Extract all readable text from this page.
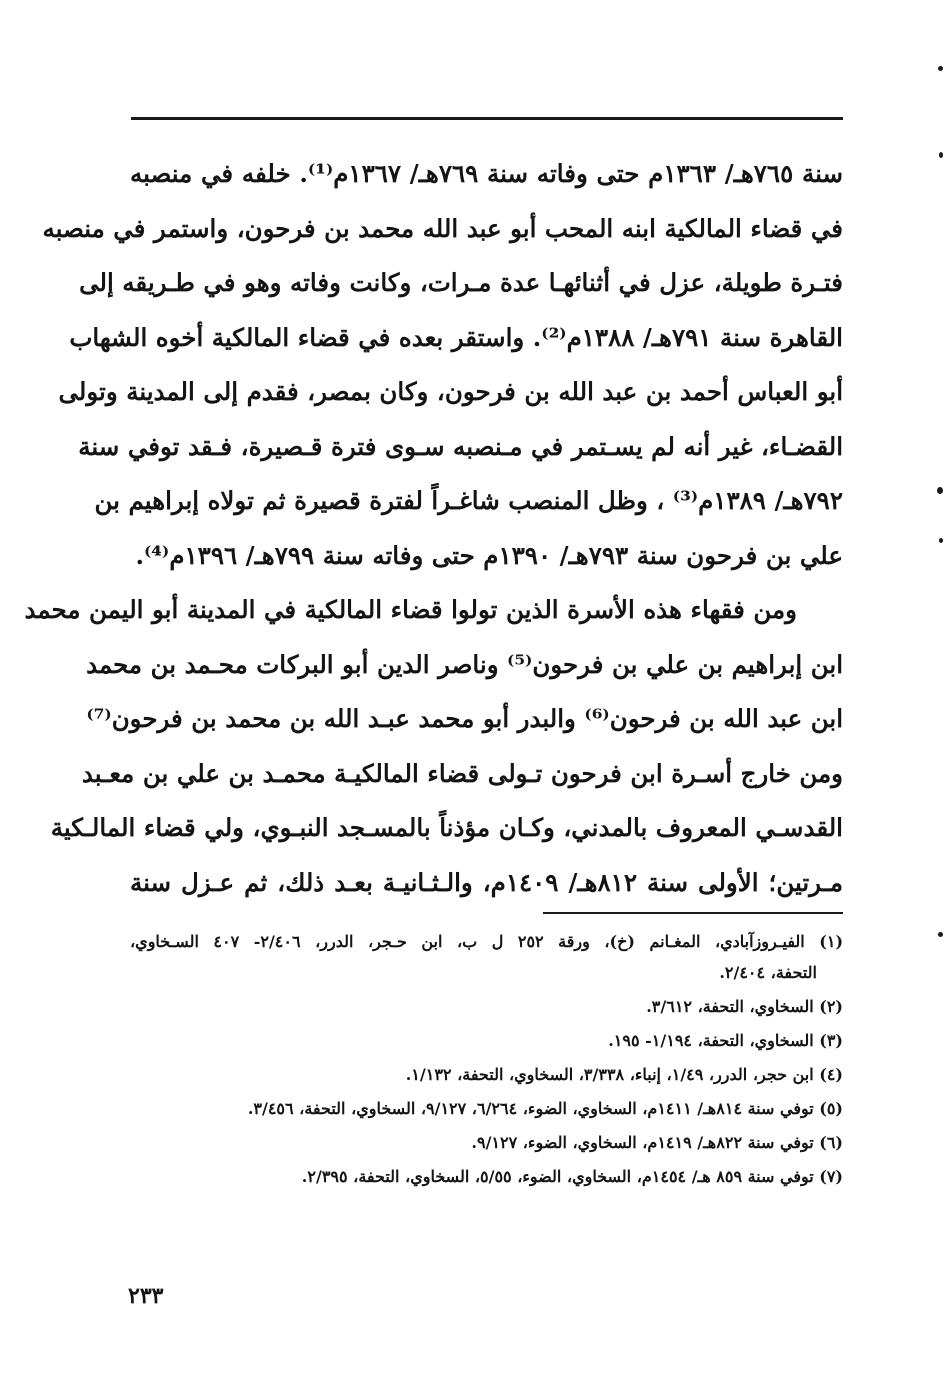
سنة ٧٦٥هـ/ ١٣٦٣م حتى وفاته سنة ٧٦٩هـ/ ١٣٦٧م⁽¹⁾. خلفه في منصبه
في قضاء المالكية ابنه المحب أبو عبد الله محمد بن فرحون، واستمر في منصبه
فتـرة طويلة، عزل في أثنائهـا عدة مـرات، وكانت وفاته وهو في طـريقه إلى
القاهرة سنة ٧٩١هـ/ ١٣٨٨م⁽²⁾. واستقر بعده في قضاء المالكية أخوه الشهاب
أبو العباس أحمد بن عبد الله بن فرحون، وكان بمصر، فقدم إلى المدينة وتولى
القضـاء، غير أنه لم يسـتمر في مـنصبه سـوى فترة قـصيرة، فـقد توفي سنة
٧٩٢هـ/ ١٣٨٩م⁽³⁾ ، وظل المنصب شاغـراً لفترة قصيرة ثم تولاه إبراهيم بن
علي بن فرحون سنة ٧٩٣هـ/ ١٣٩٠م حتى وفاته سنة ٧٩٩هـ/ ١٣٩٦م⁽⁴⁾.
ومن فقهاء هذه الأسرة الذين تولوا قضاء المالكية في المدينة أبو اليمن محمد
ابن إبراهيم بن علي بن فرحون⁽⁵⁾ وناصر الدين أبو البركات محـمد بن محمد
ابن عبد الله بن فرحون⁽⁶⁾ والبدر أبو محمد عبـد الله بن محمد بن فرحون⁽⁷⁾
ومن خارج أسـرة ابن فرحون تـولى قضاء المالكيـة محمـد بن علي بن معـبد
القدسـي المعروف بالمدني، وكـان مؤذناً بالمسـجد النبـوي، ولي قضاء المالـكية
مـرتين؛ الأولى سنة ٨١٢هـ/ ١٤٠٩م، والـثـانيـة بعـد ذلك، ثم عـزل سنة
(١) الفيـروزآبادي، المغـانم (خ)، ورقة ٢٥٢ ل ب، ابن حـجر، الدرر، ٢/٤٠٦- ٤٠٧ السـخاوي،
التحفة، ٢/٤٠٤.
(٢) السخاوي، التحفة، ٣/٦١٢.
(٣) السخاوي، التحفة، ١/١٩٤- ١٩٥.
(٤) ابن حجر، الدرر، ١/٤٩، إنباء، ٣/٣٣٨، السخاوي، التحفة، ١/١٣٢.
(٥) توفي سنة ٨١٤هـ/ ١٤١١م، السخاوي، الضوء، ٦/٢٦٤، ٩/١٢٧، السخاوي، التحفة، ٣/٤٥٦.
(٦) توفي سنة ٨٢٢هـ/ ١٤١٩م، السخاوي، الضوء، ٩/١٢٧.
(٧) توفي سنة ٨٥٩ هـ/ ١٤٥٤م، السخاوي، الضوء، ٥/٥٥، السخاوي، التحفة، ٢/٣٩٥.
٢٣٣
